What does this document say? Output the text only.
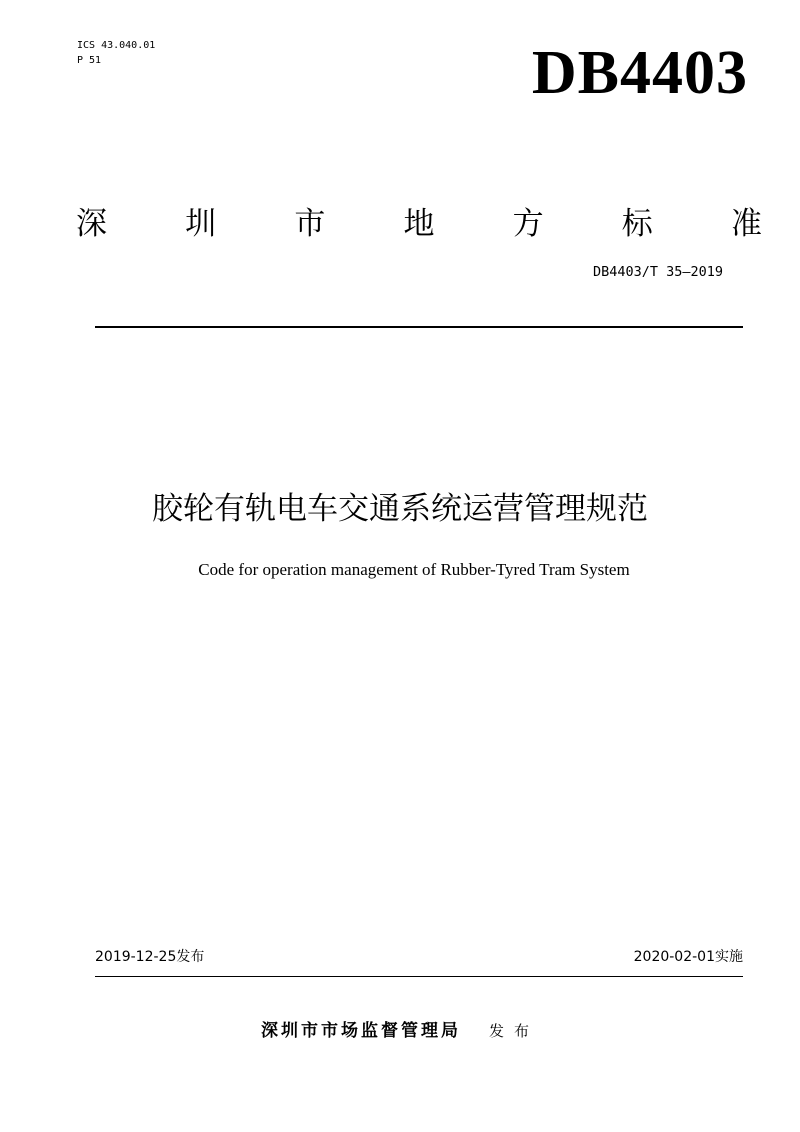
ICS 43.040.01
P 51	DB4403
深	圳	市	地	方	标	准
DB4403/T 35—2019
胶轮有轨电车交通系统运营管理规范
Code for operation management of Rubber-Tyred Tram System
2019-12-25发布	2020-02-01实施
深圳市市场监督管理局 发布
